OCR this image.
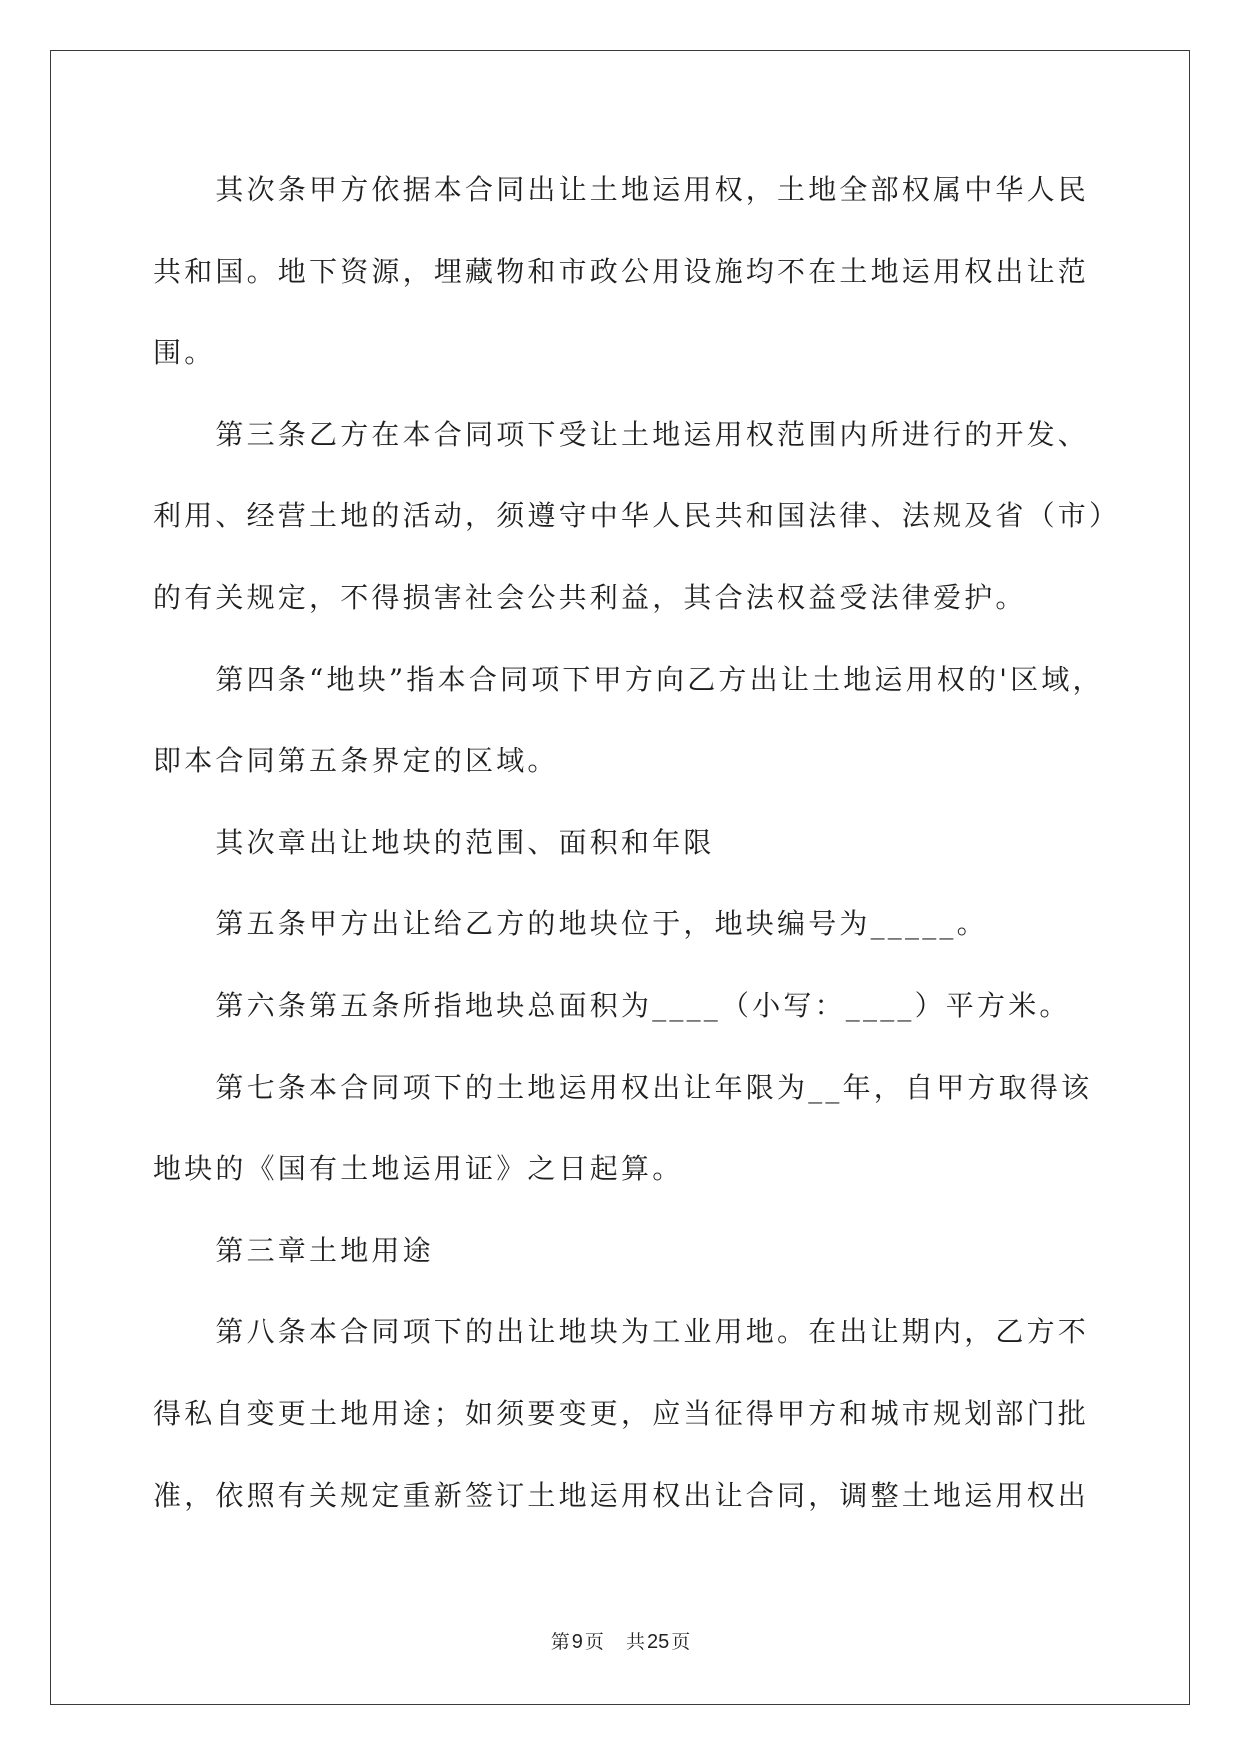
其次条甲方依据本合同出让土地运用权，土地全部权属中华人民
共和国。地下资源，埋藏物和市政公用设施均不在土地运用权出让范
围。
第三条乙方在本合同项下受让土地运用权范围内所进行的开发、
利用、经营土地的活动，须遵守中华人民共和国法律、法规及省（市）
的有关规定，不得损害社会公共利益，其合法权益受法律爱护。
第四条“地块”指本合同项下甲方向乙方出让土地运用权的'区域，
即本合同第五条界定的区域。
其次章出让地块的范围、面积和年限
第五条甲方出让给乙方的地块位于，地块编号为_____。
第六条第五条所指地块总面积为____（小写：____）平方米。
第七条本合同项下的土地运用权出让年限为__年，自甲方取得该
地块的《国有土地运用证》之日起算。
第三章土地用途
第八条本合同项下的出让地块为工业用地。在出让期内，乙方不
得私自变更土地用途；如须要变更，应当征得甲方和城市规划部门批
准，依照有关规定重新签订土地运用权出让合同，调整土地运用权出
第 9 页 共 25 页
